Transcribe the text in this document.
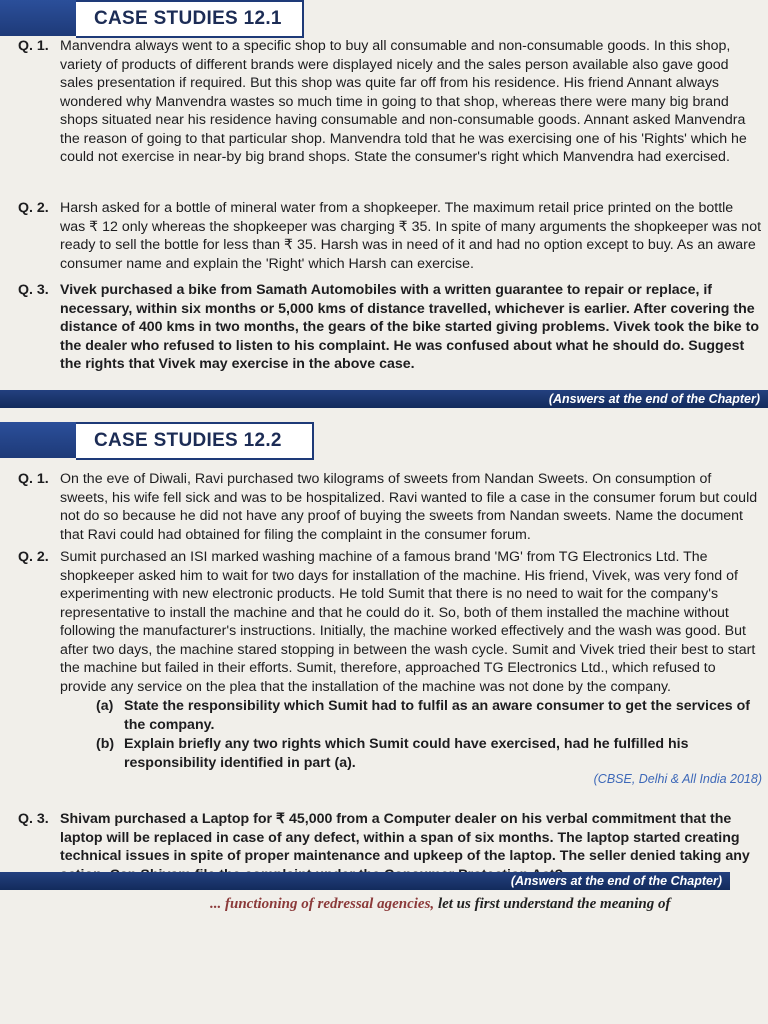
CASE STUDIES 12.1
Q. 1. Manvendra always went to a specific shop to buy all consumable and non-consumable goods. In this shop, variety of products of different brands were displayed nicely and the sales person available also gave good sales presentation if required. But this shop was quite far off from his residence. His friend Annant always wondered why Manvendra wastes so much time in going to that shop, whereas there were many big brand shops situated near his residence having consumable and non-consumable goods. Annant asked Manvendra the reason of going to that particular shop. Manvendra told that he was exercising one of his 'Rights' which he could not exercise in near-by big brand shops. State the consumer's right which Manvendra had exercised.
Q. 2. Harsh asked for a bottle of mineral water from a shopkeeper. The maximum retail price printed on the bottle was ₹ 12 only whereas the shopkeeper was charging ₹ 35. In spite of many arguments the shopkeeper was not ready to sell the bottle for less than ₹ 35. Harsh was in need of it and had no option except to buy. As an aware consumer name and explain the 'Right' which Harsh can exercise.
Q. 3. Vivek purchased a bike from Samath Automobiles with a written guarantee to repair or replace, if necessary, within six months or 5,000 kms of distance travelled, whichever is earlier. After covering the distance of 400 kms in two months, the gears of the bike started giving problems. Vivek took the bike to the dealer who refused to listen to his complaint. He was confused about what he should do. Suggest the rights that Vivek may exercise in the above case.
(Answers at the end of the Chapter)
CASE STUDIES 12.2
Q. 1. On the eve of Diwali, Ravi purchased two kilograms of sweets from Nandan Sweets. On consumption of sweets, his wife fell sick and was to be hospitalized. Ravi wanted to file a case in the consumer forum but could not do so because he did not have any proof of buying the sweets from Nandan sweets. Name the document that Ravi could had obtained for filing the complaint in the consumer forum.
Q. 2. Sumit purchased an ISI marked washing machine of a famous brand 'MG' from TG Electronics Ltd. The shopkeeper asked him to wait for two days for installation of the machine. His friend, Vivek, was very fond of experimenting with new electronic products. He told Sumit that there is no need to wait for the company's representative to install the machine and that he could do it. So, both of them installed the machine without following the manufacturer's instructions. Initially, the machine worked effectively and the wash was good. But after two days, the machine stared stopping in between the wash cycle. Sumit and Vivek tried their best to start the machine but failed in their efforts. Sumit, therefore, approached TG Electronics Ltd., which refused to provide any service on the plea that the installation of the machine was not done by the company.
(a) State the responsibility which Sumit had to fulfil as an aware consumer to get the services of the company.
(b) Explain briefly any two rights which Sumit could have exercised, had he fulfilled his responsibility identified in part (a).
(CBSE, Delhi & All India 2018)
Q. 3. Shivam purchased a Laptop for ₹ 45,000 from a Computer dealer on his verbal commitment that the laptop will be replaced in case of any defect, within a span of six months. The laptop started creating technical issues in spite of proper maintenance and upkeep of the laptop. The seller denied taking any
(Answers at the end of the Chapter)
... functioning of redressal agencies, let us first understand the meaning of
